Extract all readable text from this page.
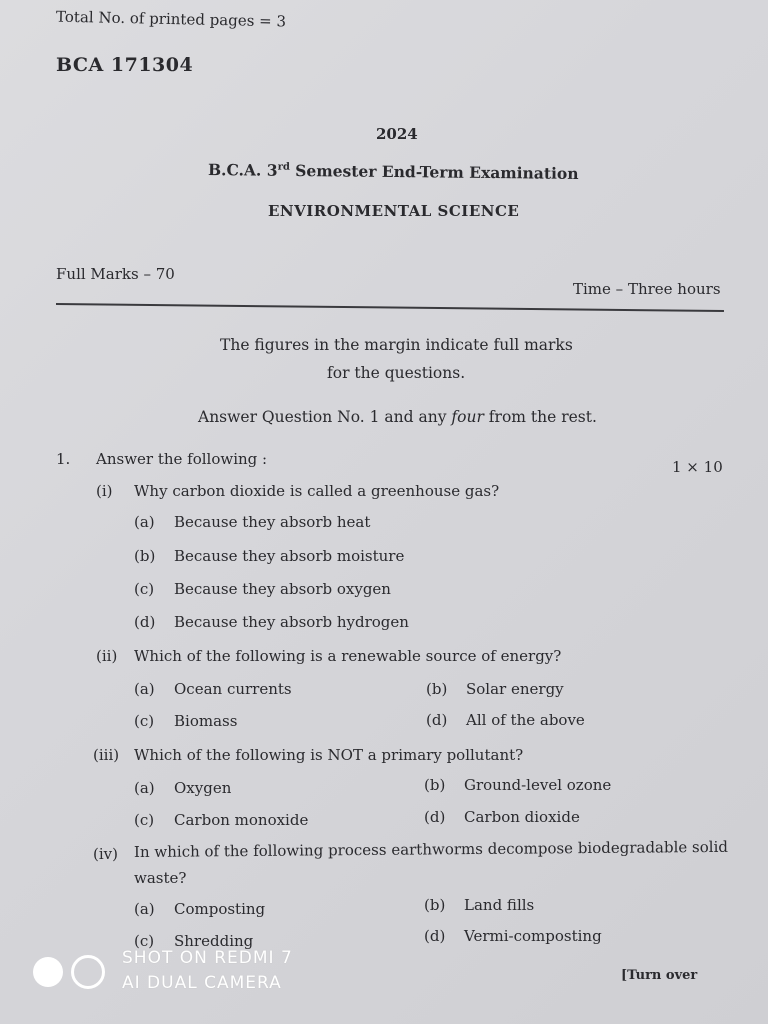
Total No. of printed pages = 3
BCA 171304
2024
B.C.A. 3rd Semester End-Term Examination
ENVIRONMENTAL SCIENCE
Full Marks – 70
Time – Three hours
The figures in the margin indicate full marks
for the questions.
Answer Question No. 1 and any four from the rest.
1. Answer the following :	1 × 10
(i) Why carbon dioxide is called a greenhouse gas?
(a) Because they absorb heat
(b) Because they absorb moisture
(c) Because they absorb oxygen
(d) Because they absorb hydrogen
(ii) Which of the following is a renewable source of energy?
(a) Ocean currents	(b) Solar energy
(c) Biomass	(d) All of the above
(iii) Which of the following is NOT a primary pollutant?
(a) Oxygen	(b) Ground-level ozone
(c) Carbon monoxide	(d) Carbon dioxide
(iv) In which of the following process earthworms decompose biodegradable solid
waste?
(a) Composting	(b) Land fills
(c) Shredding	(d) Vermi-composting
[Turn over
SHOT ON REDMI 7
AI DUAL CAMERA
